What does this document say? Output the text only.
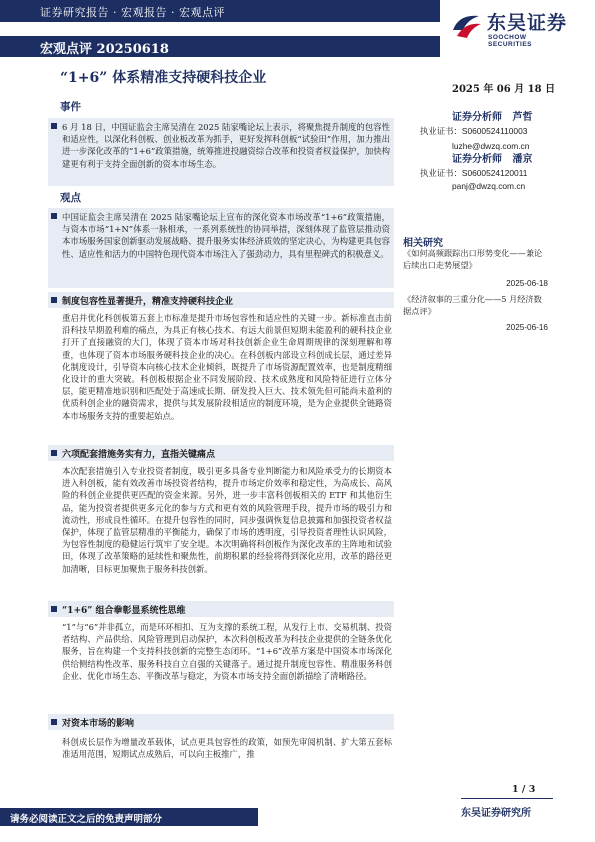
证券研究报告 · 宏观报告 · 宏观点评
宏观点评 20250618
东吴证券
SOOCHOW SECURITIES
“1+6” 体系精准支持硬科技企业
2025 年 06 月 18 日
事件
6 月 18 日，中国证监会主席吴清在 2025 陆家嘴论坛上表示，将聚焦提升制度的包容性和适应性，以深化科创板、创业板改革为抓手，更好发挥科创板“试验田”作用，加力推出进一步深化改革的“1+6”政策措施，统筹推进投融资综合改革和投资者权益保护，加快构建更有利于支持全面创新的资本市场生态。
观点
中国证监会主席吴清在 2025 陆家嘴论坛上宣布的深化资本市场改革“1+6”政策措施，与资本市场“1+N”体系一脉相承，一系列系统性的协同举措，深刻体现了监管层推动资本市场服务国家创新驱动发展战略、提升服务实体经济质效的坚定决心，为构建更具包容性、适应性和活力的中国特色现代资本市场注入了强劲动力，具有里程碑式的积极意义。
制度包容性显著提升，精准支持硬科技企业
重启并优化科创板第五套上市标准是提升市场包容性和适应性的关键一步。新标准直击前沿科技早期盈利难的痛点，为具正有核心技术、有远大前景但短期未能盈利的硬科技企业打开了直接融资的大门，体现了资本市场对科技创新企业生命周期规律的深刻理解和尊重，也体现了资本市场服务硬科技企业的决心。在科创板内部设立科创成长层，通过差异化制度设计，引导资本向核心技术企业倾斜，既提升了市场资源配置效率，也是制度精细化设计的重大突破。科创板根据企业不同发展阶段、技术成熟度和风险特征进行立体分层，能更精准地识别和匹配处于高速成长期、研发投入巨大、技术领先但可能尚未盈利的优质科创企业的融资需求，提供与其发展阶段相适应的制度环境，是为企业提供全链路资本市场服务支持的重要起始点。
六项配套措施务实有力，直指关键痛点
本次配套措施引入专业投资者制度，吸引更多具备专业判断能力和风险承受力的长期资本进入科创板，能有效改善市场投资者结构，提升市场定价效率和稳定性，为高成长、高风险的科创企业提供更匹配的资金来源。另外，进一步丰富科创板相关的 ETF 和其他衍生品，能为投资者提供更多元化的参与方式和更有效的风险管理手段，提升市场的吸引力和流动性，形成良性循环。在提升包容性的同时，同步强调恢复信息披露和加强投资者权益保护，体现了监管层精准的平衡能力，确保了市场的透明度，引导投资者理性认识风险，为包容性制度的稳健运行筑牢了安全堤。本次明确将科创板作为深化改革的主阵地和试验田，体现了改革策略的延续性和聚焦性，前期积累的经验将得到深化应用，改革的路径更加清晰，目标更加聚焦于服务科技创新。
“1+6” 组合拳彰显系统性思维
“1”与“6”并非孤立，而是环环相扣、互为支撑的系统工程，从发行上市、交易机制、投资者结构、产品供给、风险管理到启动保护，本次科创板改革为科技企业提供的全链条优化服务，旨在构建一个支持科技创新的完整生态闭环。“1+6”改革方案是中国资本市场深化供给侧结构性改革、服务科技自立自强的关键落子。通过提升制度包容性、精准服务科创企业、优化市场生态、平衡改革与稳定，为资本市场支持全面创新描绘了清晰路径。
对资本市场的影响
科创成长层作为增量改革载体，试点更具包容性的政策，如预先审阅机制、扩大第五套标准适用范围，短期试点成熟后，可以向主板推广，推
证券分析师 芦哲
执业证书：S0600524110003
luzhe@dwzq.com.cn
证券分析师 潘京
执业证书：S0600524120011
panj@dwzq.com.cn
相关研究
《如何高频跟踪出口形势变化——兼论后续出口走势展望》
2025-06-18
《经济叙事的三重分化——5 月经济数据点评》
2025-06-16
1 / 3
东吴证券研究所
请务必阅读正文之后的免责声明部分
